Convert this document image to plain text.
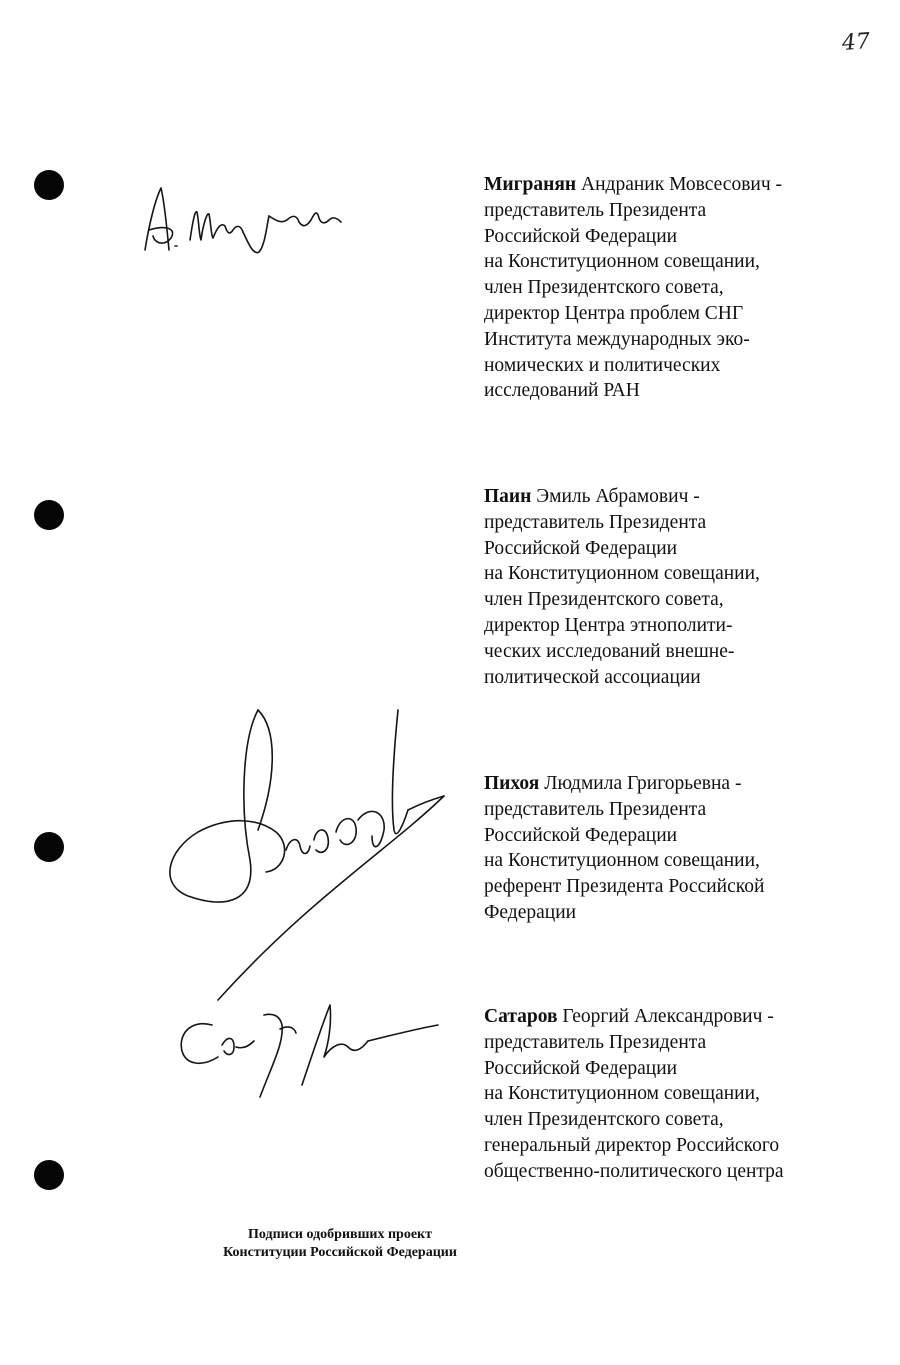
47
Мигранян Андраник Мовсесович -
представитель Президента
Российской Федерации
на Конституционном совещании,
член Президентского совета,
директор Центра проблем СНГ
Института международных эко-
номических и политических
исследований РАН
Паин Эмиль Абрамович -
представитель Президента
Российской Федерации
на Конституционном совещании,
член Президентского совета,
директор Центра этнополити-
ческих исследований внешне-
политической ассоциации
Пихоя Людмила Григорьевна -
представитель Президента
Российской Федерации
на Конституционном совещании,
референт Президента Российской
Федерации
Сатаров Георгий Александрович -
представитель Президента
Российской Федерации
на Конституционном совещании,
член Президентского совета,
генеральный директор Российского
общественно-политического центра
Подписи одобривших проект
Конституции Российской Федерации
